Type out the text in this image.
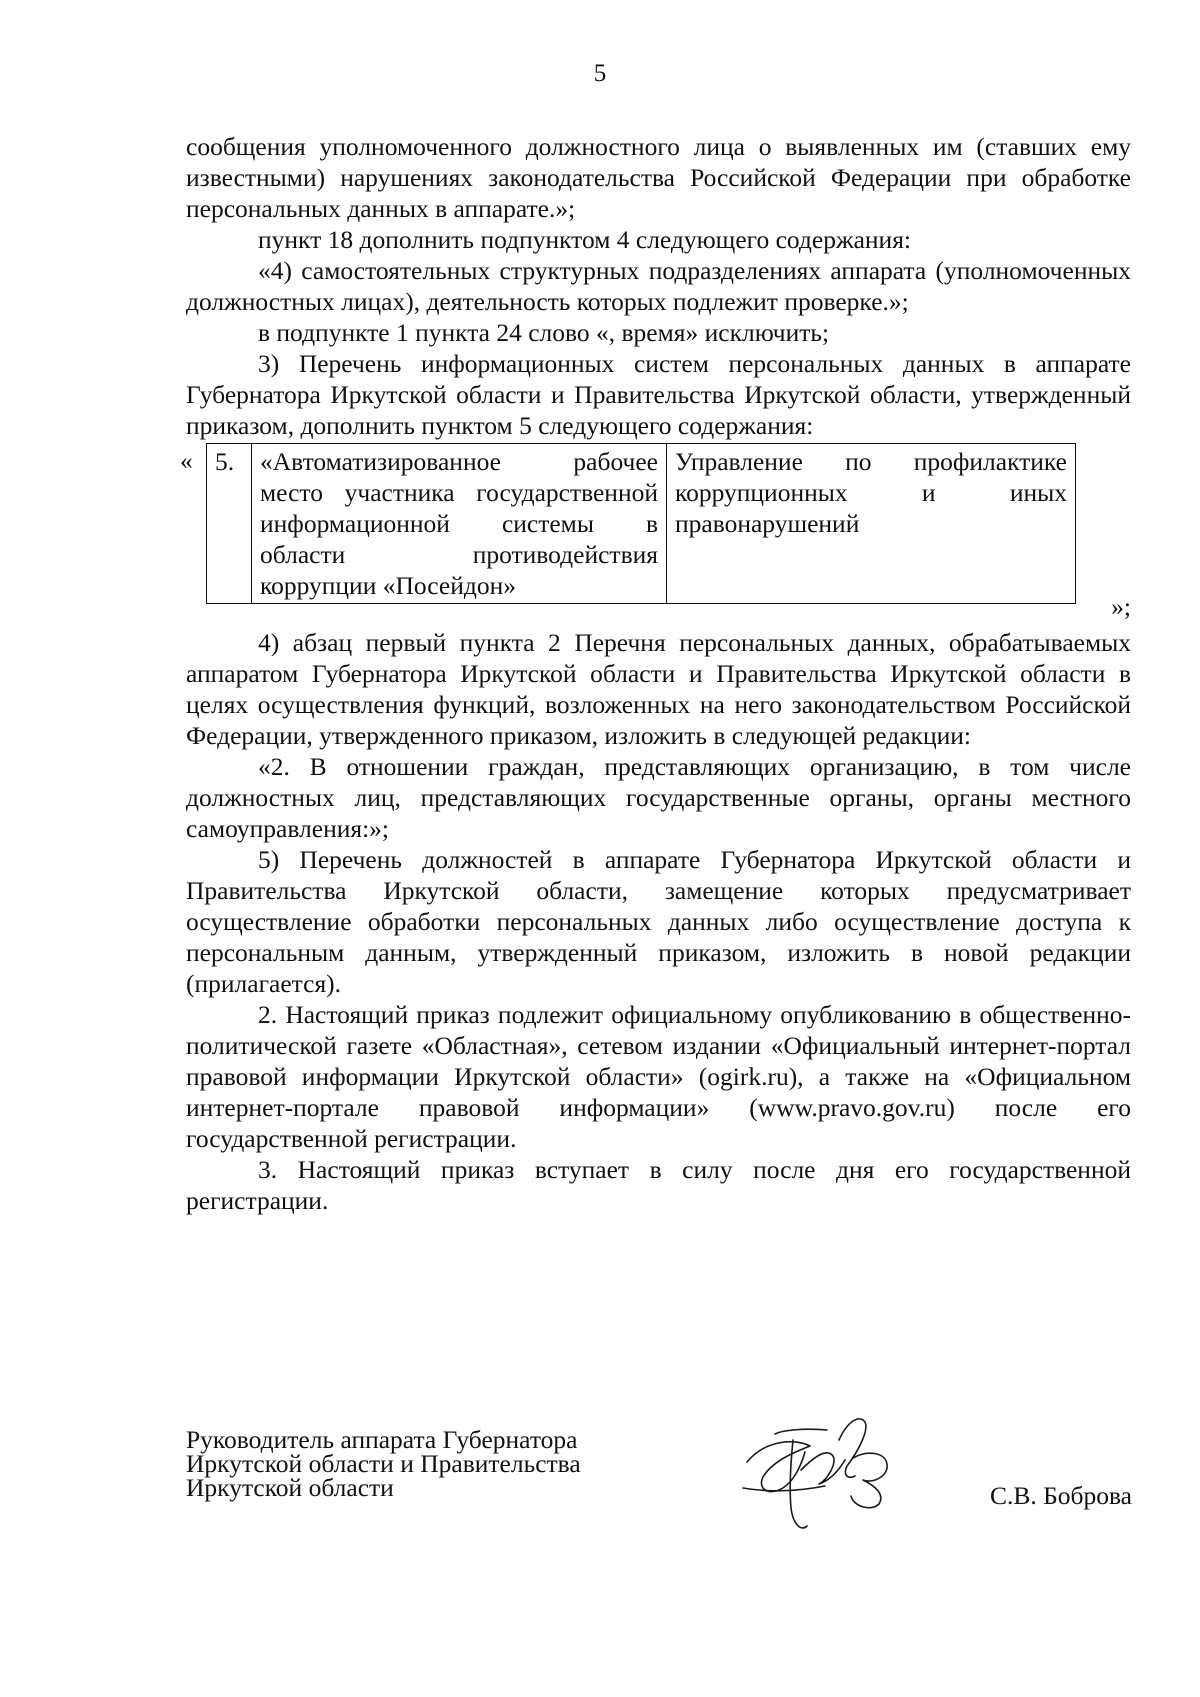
5

сообщения уполномоченного должностного лица о выявленных им (ставших ему известными) нарушениях законодательства Российской Федерации при обработке персональных данных в аппарате.»;

пункт 18 дополнить подпунктом 4 следующего содержания:

«4) самостоятельных структурных подразделениях аппарата (уполномоченных должностных лицах), деятельность которых подлежит проверке.»;

в подпункте 1 пункта 24 слово «, время» исключить;

3) Перечень информационных систем персональных данных в аппарате Губернатора Иркутской области и Правительства Иркутской области, утвержденный приказом, дополнить пунктом 5 следующего содержания:

« 5.	«Автоматизированное рабочее место участника государственной информационной системы в области противодействия коррупции «Посейдон»	Управление по профилактике коррупционных и иных правонарушений
»;

4) абзац первый пункта 2 Перечня персональных данных, обрабатываемых аппаратом Губернатора Иркутской области и Правительства Иркутской области в целях осуществления функций, возложенных на него законодательством Российской Федерации, утвержденного приказом, изложить в следующей редакции:

«2. В отношении граждан, представляющих организацию, в том числе должностных лиц, представляющих государственные органы, органы местного самоуправления:»;

5) Перечень должностей в аппарате Губернатора Иркутской области и Правительства Иркутской области, замещение которых предусматривает осуществление обработки персональных данных либо осуществление доступа к персональным данным, утвержденный приказом, изложить в новой редакции (прилагается).

2. Настоящий приказ подлежит официальному опубликованию в общественно-политической газете «Областная», сетевом издании «Официальный интернет-портал правовой информации Иркутской области» (ogirk.ru), а также на «Официальном интернет-портале правовой информации» (www.pravo.gov.ru) после его государственной регистрации.

3. Настоящий приказ вступает в силу после дня его государственной регистрации.

Руководитель аппарата Губернатора
Иркутской области и Правительства
Иркутской области	С.В. Боброва
